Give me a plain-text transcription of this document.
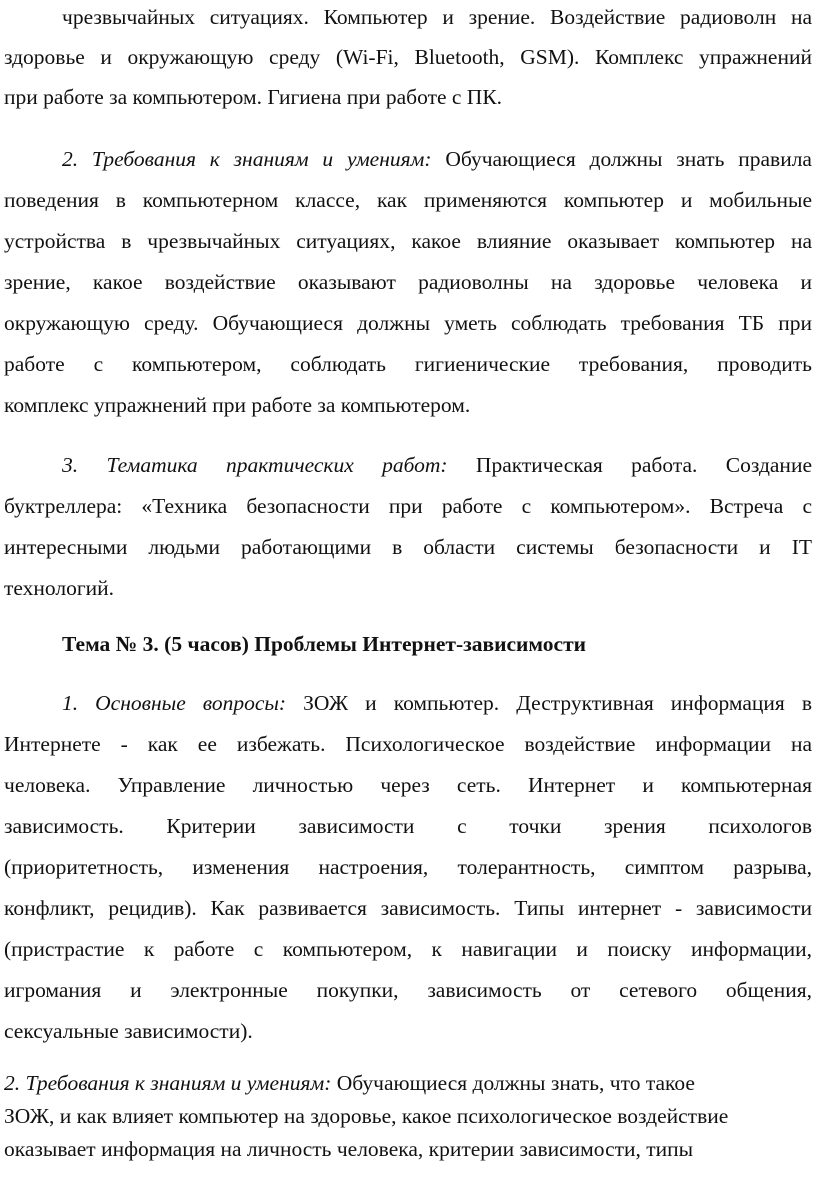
чрезвычайных ситуациях. Компьютер и зрение. Воздействие радиоволн на
здоровье и окружающую среду (Wi-Fi, Bluetooth, GSM). Комплекс упражнений
при работе за компьютером. Гигиена при работе с ПК.
2. Требования к знаниям и умениям: Обучающиеся должны знать правила
поведения в компьютерном классе, как применяются компьютер и мобильные
устройства в чрезвычайных ситуациях, какое влияние оказывает компьютер на
зрение, какое воздействие оказывают радиоволны на здоровье человека и
окружающую среду. Обучающиеся должны уметь соблюдать требования ТБ при
работе с компьютером, соблюдать гигиенические требования, проводить
комплекс упражнений при работе за компьютером.
3. Тематика практических работ: Практическая работа. Создание
буктреллера: «Техника безопасности при работе с компьютером». Встреча с
интересными людьми работающими в области системы безопасности и IT
технологий.
Тема № 3. (5 часов) Проблемы Интернет-зависимости
1. Основные вопросы: ЗОЖ и компьютер. Деструктивная информация в
Интернете - как ее избежать. Психологическое воздействие информации на
человека. Управление личностью через сеть. Интернет и компьютерная
зависимость. Критерии зависимости с точки зрения психологов
(приоритетность, изменения настроения, толерантность, симптом разрыва,
конфликт, рецидив). Как развивается зависимость. Типы интернет - зависимости
(пристрастие к работе с компьютером, к навигации и поиску информации,
игромания и электронные покупки, зависимость от сетевого общения,
сексуальные зависимости).
2. Требования к знаниям и умениям: Обучающиеся должны знать, что такое
ЗОЖ, и как влияет компьютер на здоровье, какое психологическое воздействие
оказывает информация на личность человека, критерии зависимости, типы
